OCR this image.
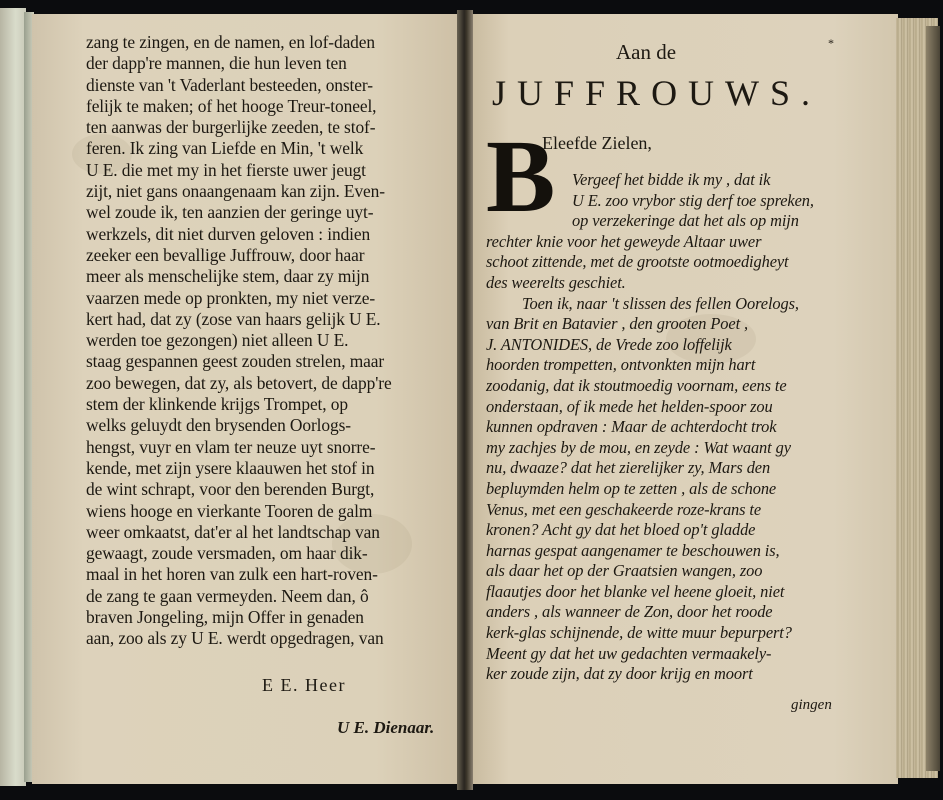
zang te zingen, en de namen, en lof-daden
der dapp're mannen, die hun leven ten
dienste van 't Vaderlant besteeden, onster-
felijk te maken; of het hooge Treur-toneel,
ten aanwas der burgerlijke zeeden, te stof-
feren. Ik zing van Liefde en Min, 't welk
U E. die met my in het fierste uwer jeugt
zijt, niet gans onaangenaam kan zijn. Even-
wel zoude ik, ten aanzien der geringe uyt-
werkzels, dit niet durven geloven : indien
zeeker een bevallige Juffrouw, door haar
meer als menschelijke stem, daar zy mijn
vaarzen mede op pronkten, my niet verze-
kert had, dat zy (zose van haars gelijk U E.
werden toe gezongen) niet alleen U E.
staag gespannen geest zouden strelen, maar
zoo bewegen, dat zy, als betovert, de dapp're
stem der klinkende krijgs Trompet, op
welks geluydt den brysenden Oorlogs-
hengst, vuyr en vlam ter neuze uyt snorre-
kende, met zijn ysere klaauwen het stof in
de wint schrapt, voor den berenden Burgt,
wiens hooge en vierkante Tooren de galm
weer omkaatst, dat'er al het landtschap van
gewaagt, zoude versmaden, om haar dik-
maal in het horen van zulk een hart-roven-
de zang te gaan vermeyden. Neem dan, ô
braven Jongeling, mijn Offer in genaden
aan, zoo als zy U E. werdt opgedragen, van
E E. Heer
U E. Dienaar.
*
Aan de
JUFFROUWS.
B
Eleefde Zielen,
Vergeef het bidde ik my , dat ik
U E. zoo vrybor stig derf toe spreken,
op verzekeringe dat het als op mijn
rechter knie voor het geweyde Altaar uwer
schoot zittende, met de grootste ootmoedigheyt
des weerelts geschiet.
Toen ik, naar 't slissen des fellen Oorelogs,
van Brit en Batavier , den grooten Poet ,
J. ANTONIDES, de Vrede zoo loffelijk
hoorden trompetten, ontvonkten mijn hart
zoodanig, dat ik stoutmoedig voornam, eens te
onderstaan, of ik mede het helden-spoor zou
kunnen opdraven : Maar de achterdocht trok
my zachjes by de mou, en zeyde : Wat waant gy
nu, dwaaze? dat het zierelijker zy, Mars den
bepluymden helm op te zetten , als de schone
Venus, met een geschakeerde roze-krans te
kronen? Acht gy dat het bloed op't gladde
harnas gespat aangenamer te beschouwen is,
als daar het op der Graatsien wangen, zoo
flaautjes door het blanke vel heene gloeit, niet
anders , als wanneer de Zon, door het roode
kerk-glas schijnende, de witte muur bepurpert?
Meent gy dat het uw gedachten vermaakely-
ker zoude zijn, dat zy door krijg en moort
gingen
